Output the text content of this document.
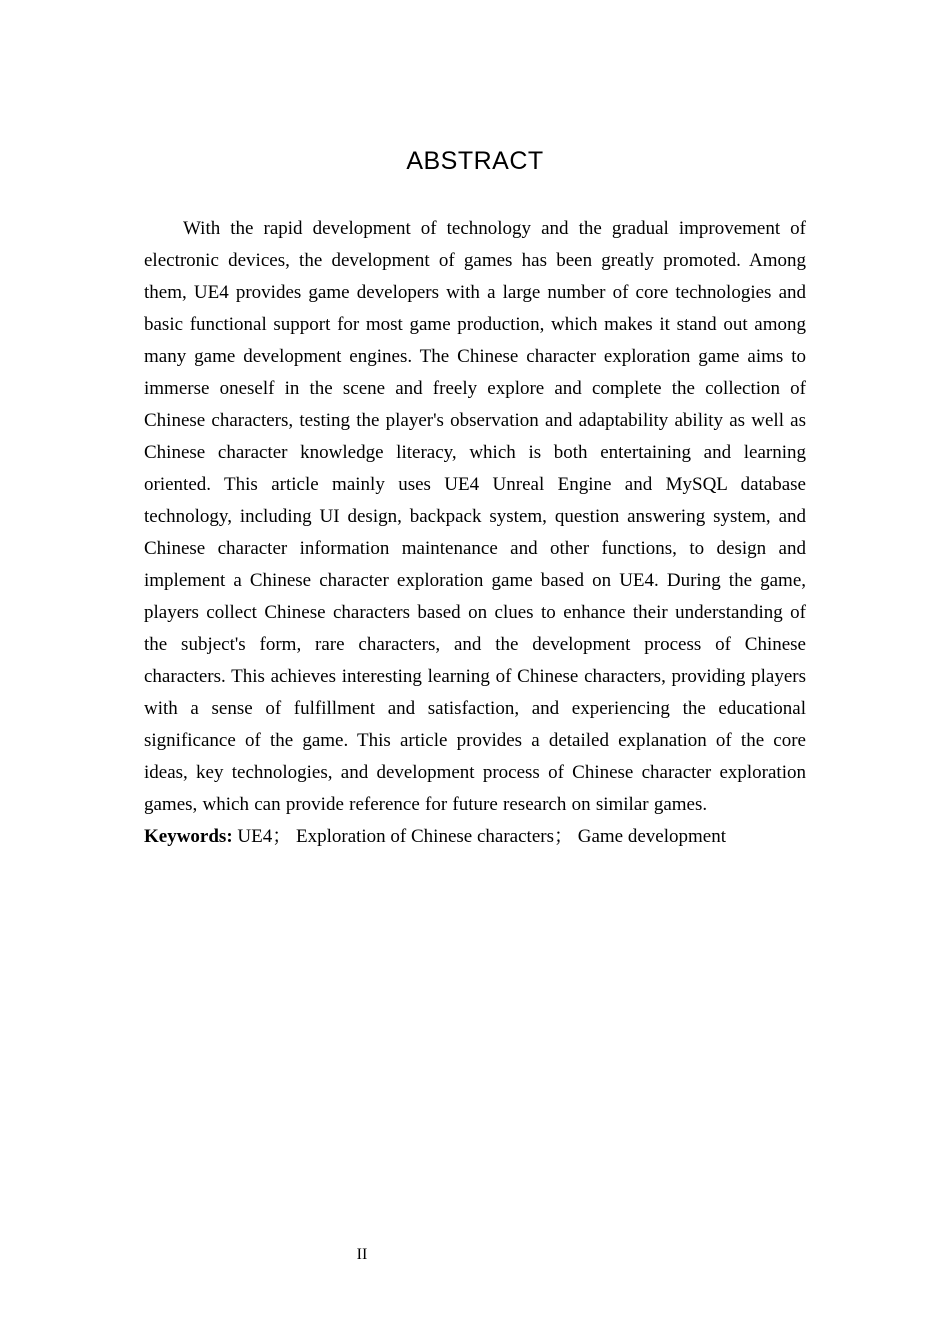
ABSTRACT

With the rapid development of technology and the gradual improvement of electronic devices, the development of games has been greatly promoted. Among them, UE4 provides game developers with a large number of core technologies and basic functional support for most game production, which makes it stand out among many game development engines. The Chinese character exploration game aims to immerse oneself in the scene and freely explore and complete the collection of Chinese characters, testing the player's observation and adaptability ability as well as Chinese character knowledge literacy, which is both entertaining and learning oriented. This article mainly uses UE4 Unreal Engine and MySQL database technology, including UI design, backpack system, question answering system, and Chinese character information maintenance and other functions, to design and implement a Chinese character exploration game based on UE4. During the game, players collect Chinese characters based on clues to enhance their understanding of the subject's form, rare characters, and the development process of Chinese characters. This achieves interesting learning of Chinese characters, providing players with a sense of fulfillment and satisfaction, and experiencing the educational significance of the game. This article provides a detailed explanation of the core ideas, key technologies, and development process of Chinese character exploration games, which can provide reference for future research on similar games.

Keywords: UE4； Exploration of Chinese characters； Game development

II
